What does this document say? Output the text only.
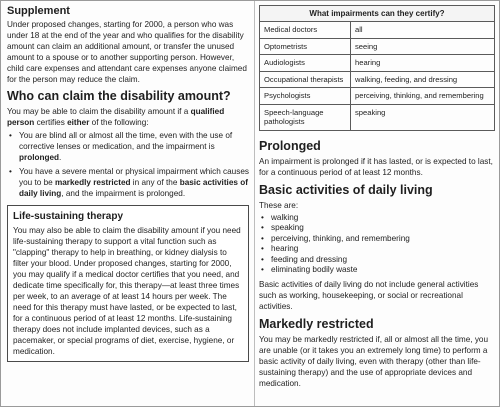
Supplement

Under proposed changes, starting for 2000, a person who was under 18 at the end of the year and who qualifies for the disability amount can claim an additional amount, or transfer the unused amount to a spouse or to another supporting person. However, child care expenses and attendant care expenses anyone claimed for the person may reduce the claim.

Who can claim the disability amount?

You may be able to claim the disability amount if a qualified person certifies either of the following:

• You are blind all or almost all the time, even with the use of corrective lenses or medication, and the impairment is prolonged.
• You have a severe mental or physical impairment which causes you to be markedly restricted in any of the basic activities of daily living, and the impairment is prolonged.
Life-sustaining therapy

You may also be able to claim the disability amount if you need life-sustaining therapy to support a vital function such as "clapping" therapy to help in breathing, or kidney dialysis to filter your blood. Under proposed changes, starting for 2000, you may qualify if a medical doctor certifies that you need, and dedicate time specifically for, this therapy—at least three times per week, to an average of at least 14 hours per week. The need for this therapy must have lasted, or be expected to last, for a continuous period of at least 12 months. Life-sustaining therapy does not include implanted devices, such as a pacemaker, or special programs of diet, exercise, hygiene, or medication.

What impairments can they certify?	
Medical doctors	all
Optometrists	seeing
Audiologists	hearing
Occupational therapists	walking, feeding, and dressing
Psychologists	perceiving, thinking, and remembering
Speech-language pathologists	speaking
Prolonged

An impairment is prolonged if it has lasted, or is expected to last, for a continuous period of at least 12 months.

Basic activities of daily living

These are:

• walking
• speaking
• perceiving, thinking, and remembering
• hearing
• feeding and dressing
• eliminating bodily waste

Basic activities of daily living do not include general activities such as working, housekeeping, or social or recreational activities.

Markedly restricted

You may be markedly restricted if, all or almost all the time, you are unable (or it takes you an extremely long time) to perform a basic activity of daily living, even with therapy (other than life-sustaining therapy) and the use of appropriate devices and medication.
